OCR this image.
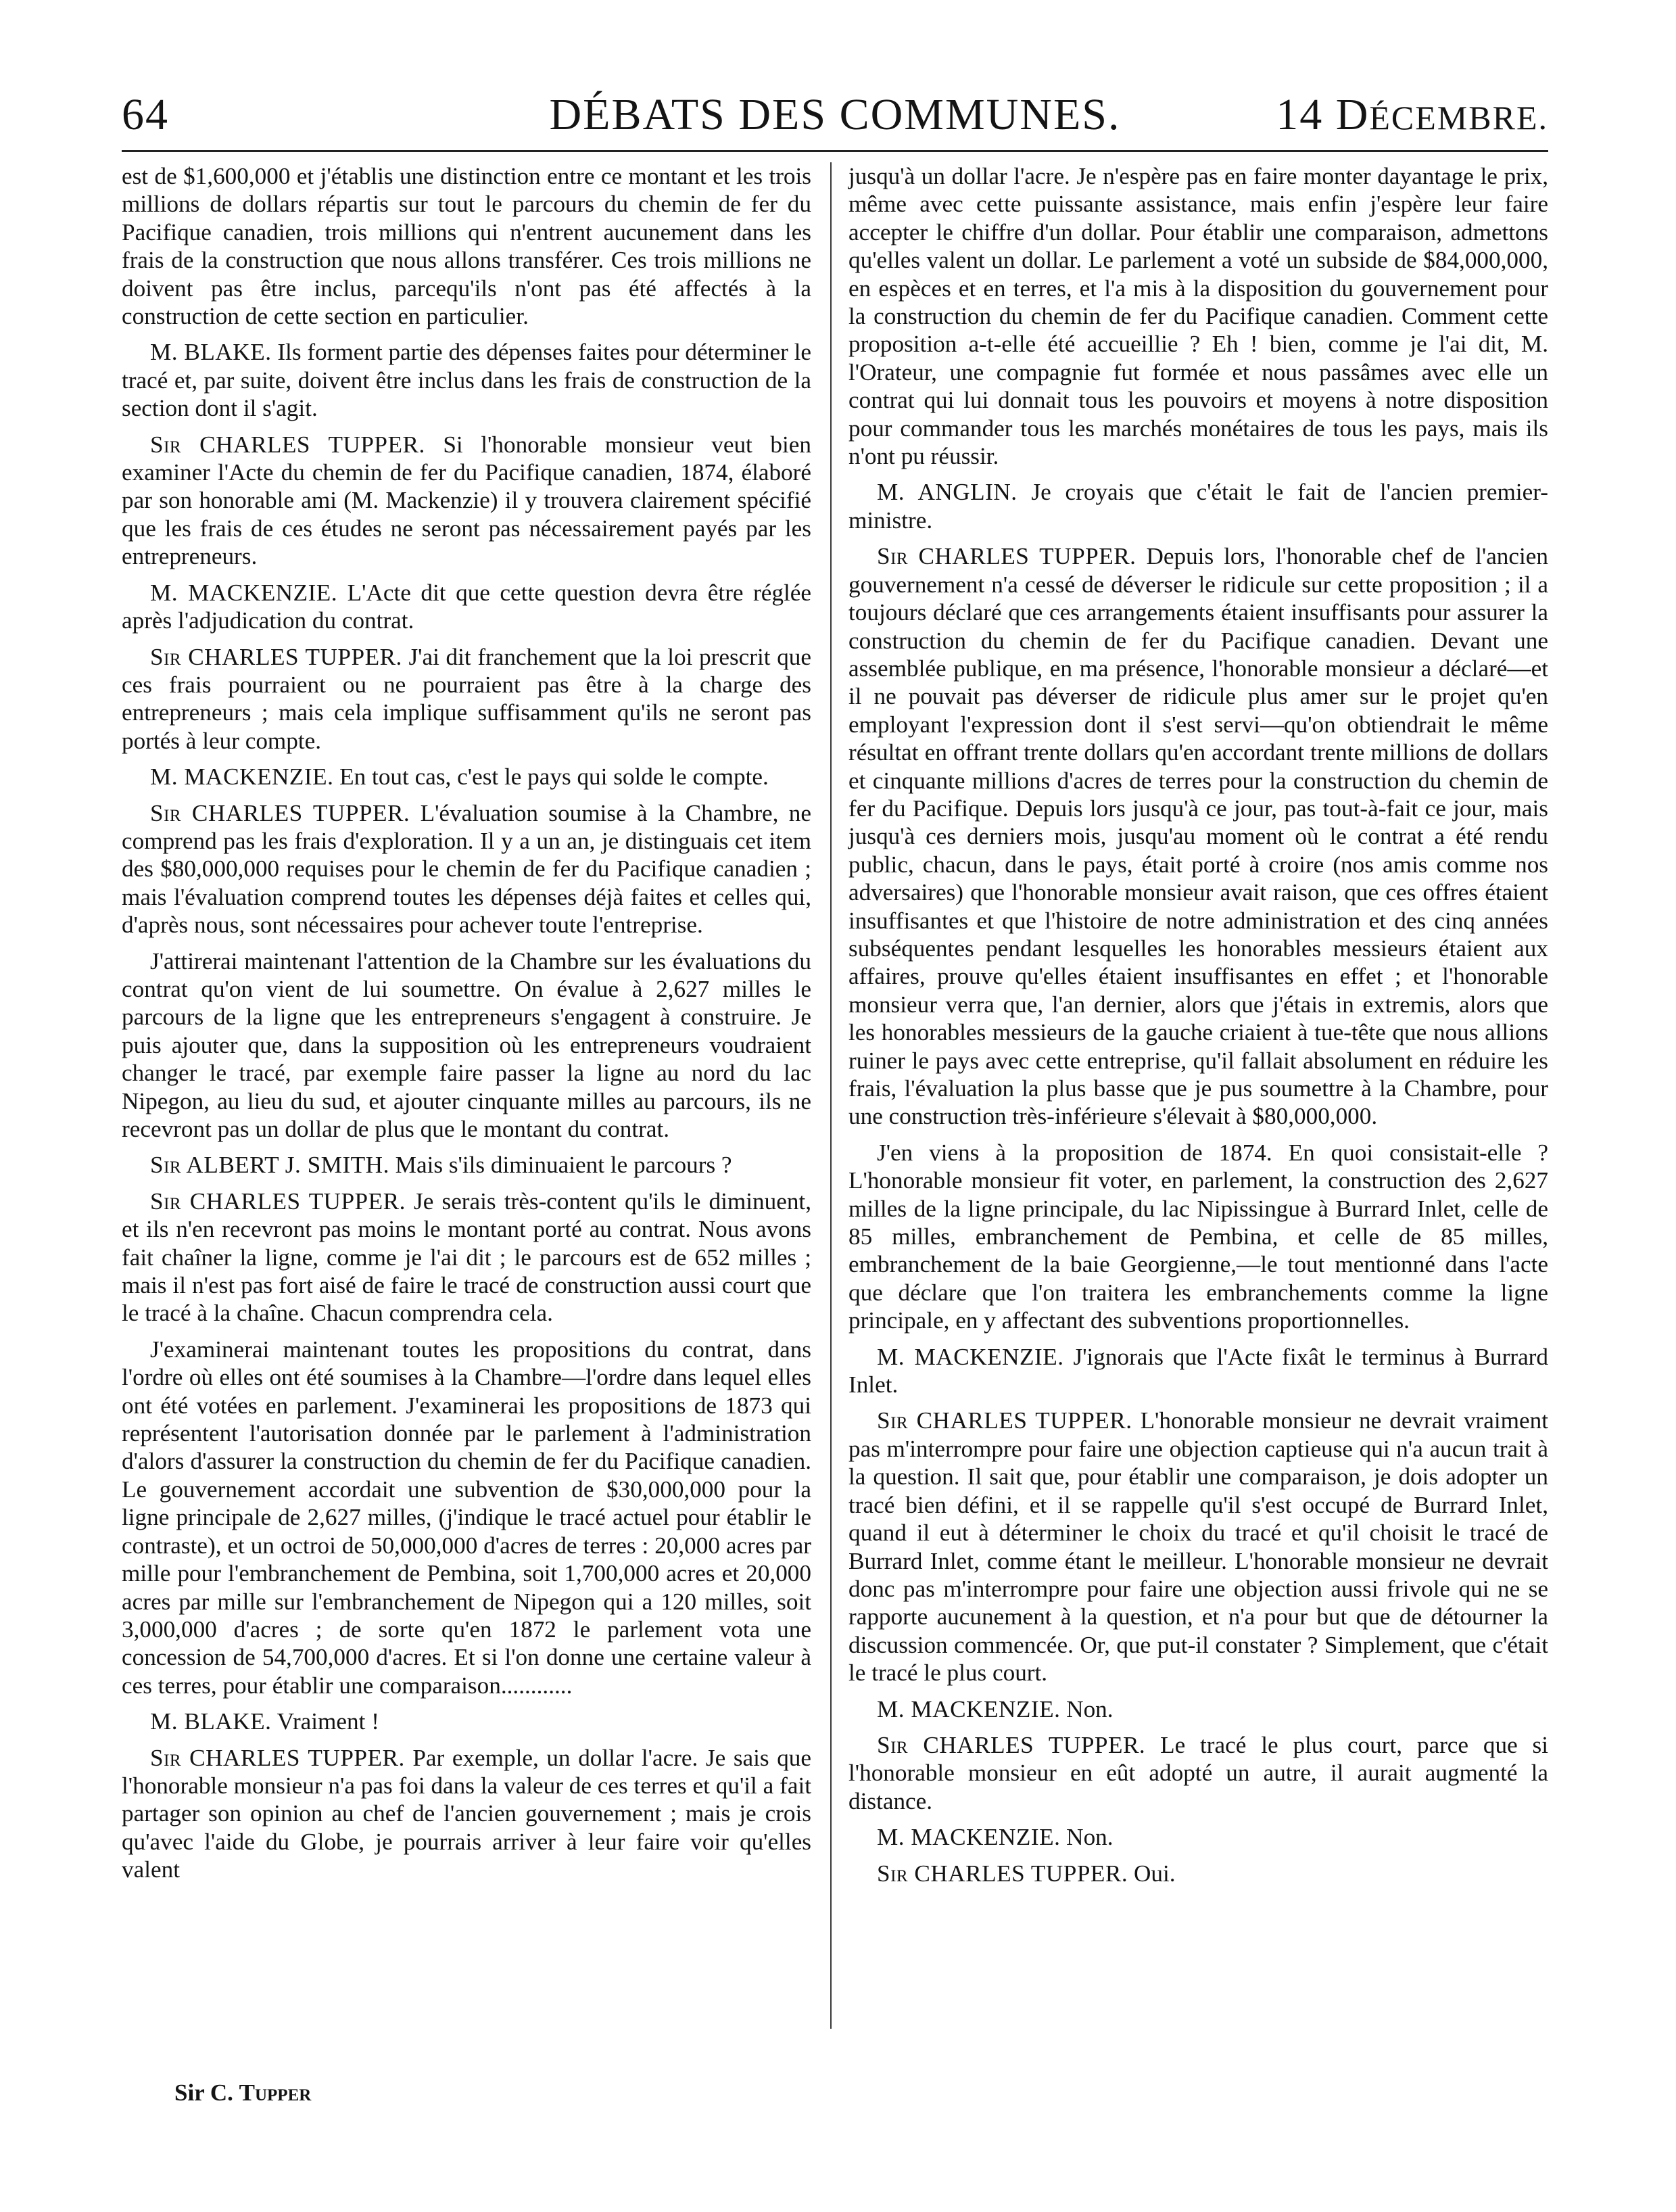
64	DÉBATS DES COMMUNES.	14 DÉCEMBRE.

est de $1,600,000 et j'établis une distinction entre ce montant et les trois millions de dollars répartis sur tout le parcours du chemin de fer du Pacifique canadien, trois millions qui n'entrent aucunement dans les frais de la construction que nous allons transférer. Ces trois millions ne doivent pas être inclus, parcequ'ils n'ont pas été affectés à la construction de cette section en particulier.

M. BLAKE. Ils forment partie des dépenses faites pour déterminer le tracé et, par suite, doivent être inclus dans les frais de construction de la section dont il s'agit.

Sir CHARLES TUPPER. Si l'honorable monsieur veut bien examiner l'Acte du chemin de fer du Pacifique canadien, 1874, élaboré par son honorable ami (M. Mackenzie) il y trouvera clairement spécifié que les frais de ces études ne seront pas nécessairement payés par les entrepreneurs.

M. MACKENZIE. L'Acte dit que cette question devra être réglée après l'adjudication du contrat.

Sir CHARLES TUPPER. J'ai dit franchement que la loi prescrit que ces frais pourraient ou ne pourraient pas être à la charge des entrepreneurs ; mais cela implique suffisamment qu'ils ne seront pas portés à leur compte.

M. MACKENZIE. En tout cas, c'est le pays qui solde le compte.

Sir CHARLES TUPPER. L'évaluation soumise à la Chambre, ne comprend pas les frais d'exploration. Il y a un an, je distinguais cet item des $80,000,000 requises pour le chemin de fer du Pacifique canadien ; mais l'évaluation comprend toutes les dépenses déjà faites et celles qui, d'après nous, sont nécessaires pour achever toute l'entreprise.

J'attirerai maintenant l'attention de la Chambre sur les évaluations du contrat qu'on vient de lui soumettre. On évalue à 2,627 milles le parcours de la ligne que les entrepreneurs s'engagent à construire. Je puis ajouter que, dans la supposition où les entrepreneurs voudraient changer le tracé, par exemple faire passer la ligne au nord du lac Nipegon, au lieu du sud, et ajouter cinquante milles au parcours, ils ne recevront pas un dollar de plus que le montant du contrat.

Sir ALBERT J. SMITH. Mais s'ils diminuaient le parcours ?

Sir CHARLES TUPPER. Je serais très-content qu'ils le diminuent, et ils n'en recevront pas moins le montant porté au contrat. Nous avons fait chaîner la ligne, comme je l'ai dit ; le parcours est de 652 milles ; mais il n'est pas fort aisé de faire le tracé de construction aussi court que le tracé à la chaîne. Chacun comprendra cela.

J'examinerai maintenant toutes les propositions du contrat, dans l'ordre où elles ont été soumises à la Chambre—l'ordre dans lequel elles ont été votées en parlement. J'examinerai les propositions de 1873 qui représentent l'autorisation donnée par le parlement à l'administration d'alors d'assurer la construction du chemin de fer du Pacifique canadien. Le gouvernement accordait une subvention de $30,000,000 pour la ligne principale de 2,627 milles, (j'indique le tracé actuel pour établir le contraste), et un octroi de 50,000,000 d'acres de terres : 20,000 acres par mille pour l'embranchement de Pembina, soit 1,700,000 acres et 20,000 acres par mille sur l'embranchement de Nipegon qui a 120 milles, soit 3,000,000 d'acres ; de sorte qu'en 1872 le parlement vota une concession de 54,700,000 d'acres. Et si l'on donne une certaine valeur à ces terres, pour établir une comparaison............

M. BLAKE. Vraiment !

Sir CHARLES TUPPER. Par exemple, un dollar l'acre. Je sais que l'honorable monsieur n'a pas foi dans la valeur de ces terres et qu'il a fait partager son opinion au chef de l'ancien gouvernement ; mais je crois qu'avec l'aide du Globe, je pourrais arriver à leur faire voir qu'elles valent

jusqu'à un dollar l'acre. Je n'espère pas en faire monter dayantage le prix, même avec cette puissante assistance, mais enfin j'espère leur faire accepter le chiffre d'un dollar. Pour établir une comparaison, admettons qu'elles valent un dollar. Le parlement a voté un subside de $84,000,000, en espèces et en terres, et l'a mis à la disposition du gouvernement pour la construction du chemin de fer du Pacifique canadien. Comment cette proposition a-t-elle été accueillie ? Eh ! bien, comme je l'ai dit, M. l'Orateur, une compagnie fut formée et nous passâmes avec elle un contrat qui lui donnait tous les pouvoirs et moyens à notre disposition pour commander tous les marchés monétaires de tous les pays, mais ils n'ont pu réussir.

M. ANGLIN. Je croyais que c'était le fait de l'ancien premier-ministre.

Sir CHARLES TUPPER. Depuis lors, l'honorable chef de l'ancien gouvernement n'a cessé de déverser le ridicule sur cette proposition ; il a toujours déclaré que ces arrangements étaient insuffisants pour assurer la construction du chemin de fer du Pacifique canadien. Devant une assemblée publique, en ma présence, l'honorable monsieur a déclaré—et il ne pouvait pas déverser de ridicule plus amer sur le projet qu'en employant l'expression dont il s'est servi—qu'on obtiendrait le même résultat en offrant trente dollars qu'en accordant trente millions de dollars et cinquante millions d'acres de terres pour la construction du chemin de fer du Pacifique. Depuis lors jusqu'à ce jour, pas tout-à-fait ce jour, mais jusqu'à ces derniers mois, jusqu'au moment où le contrat a été rendu public, chacun, dans le pays, était porté à croire (nos amis comme nos adversaires) que l'honorable monsieur avait raison, que ces offres étaient insuffisantes et que l'histoire de notre administration et des cinq années subséquentes pendant lesquelles les honorables messieurs étaient aux affaires, prouve qu'elles étaient insuffisantes en effet ; et l'honorable monsieur verra que, l'an dernier, alors que j'étais in extremis, alors que les honorables messieurs de la gauche criaient à tue-tête que nous allions ruiner le pays avec cette entreprise, qu'il fallait absolument en réduire les frais, l'évaluation la plus basse que je pus soumettre à la Chambre, pour une construction très-inférieure s'élevait à $80,000,000.

J'en viens à la proposition de 1874. En quoi consistait-elle ? L'honorable monsieur fit voter, en parlement, la construction des 2,627 milles de la ligne principale, du lac Nipissingue à Burrard Inlet, celle de 85 milles, embranchement de Pembina, et celle de 85 milles, embranchement de la baie Georgienne,—le tout mentionné dans l'acte que déclare que l'on traitera les embranchements comme la ligne principale, en y affectant des subventions proportionnelles.

M. MACKENZIE. J'ignorais que l'Acte fixât le terminus à Burrard Inlet.

Sir CHARLES TUPPER. L'honorable monsieur ne devrait vraiment pas m'interrompre pour faire une objection captieuse qui n'a aucun trait à la question. Il sait que, pour établir une comparaison, je dois adopter un tracé bien défini, et il se rappelle qu'il s'est occupé de Burrard Inlet, quand il eut à déterminer le choix du tracé et qu'il choisit le tracé de Burrard Inlet, comme étant le meilleur. L'honorable monsieur ne devrait donc pas m'interrompre pour faire une objection aussi frivole qui ne se rapporte aucunement à la question, et n'a pour but que de détourner la discussion commencée. Or, que put-il constater ? Simplement, que c'était le tracé le plus court.

M. MACKENZIE. Non.

Sir CHARLES TUPPER. Le tracé le plus court, parce que si l'honorable monsieur en eût adopté un autre, il aurait augmenté la distance.

M. MACKENZIE. Non.

Sir CHARLES TUPPER. Oui.

Sir C. Tupper
